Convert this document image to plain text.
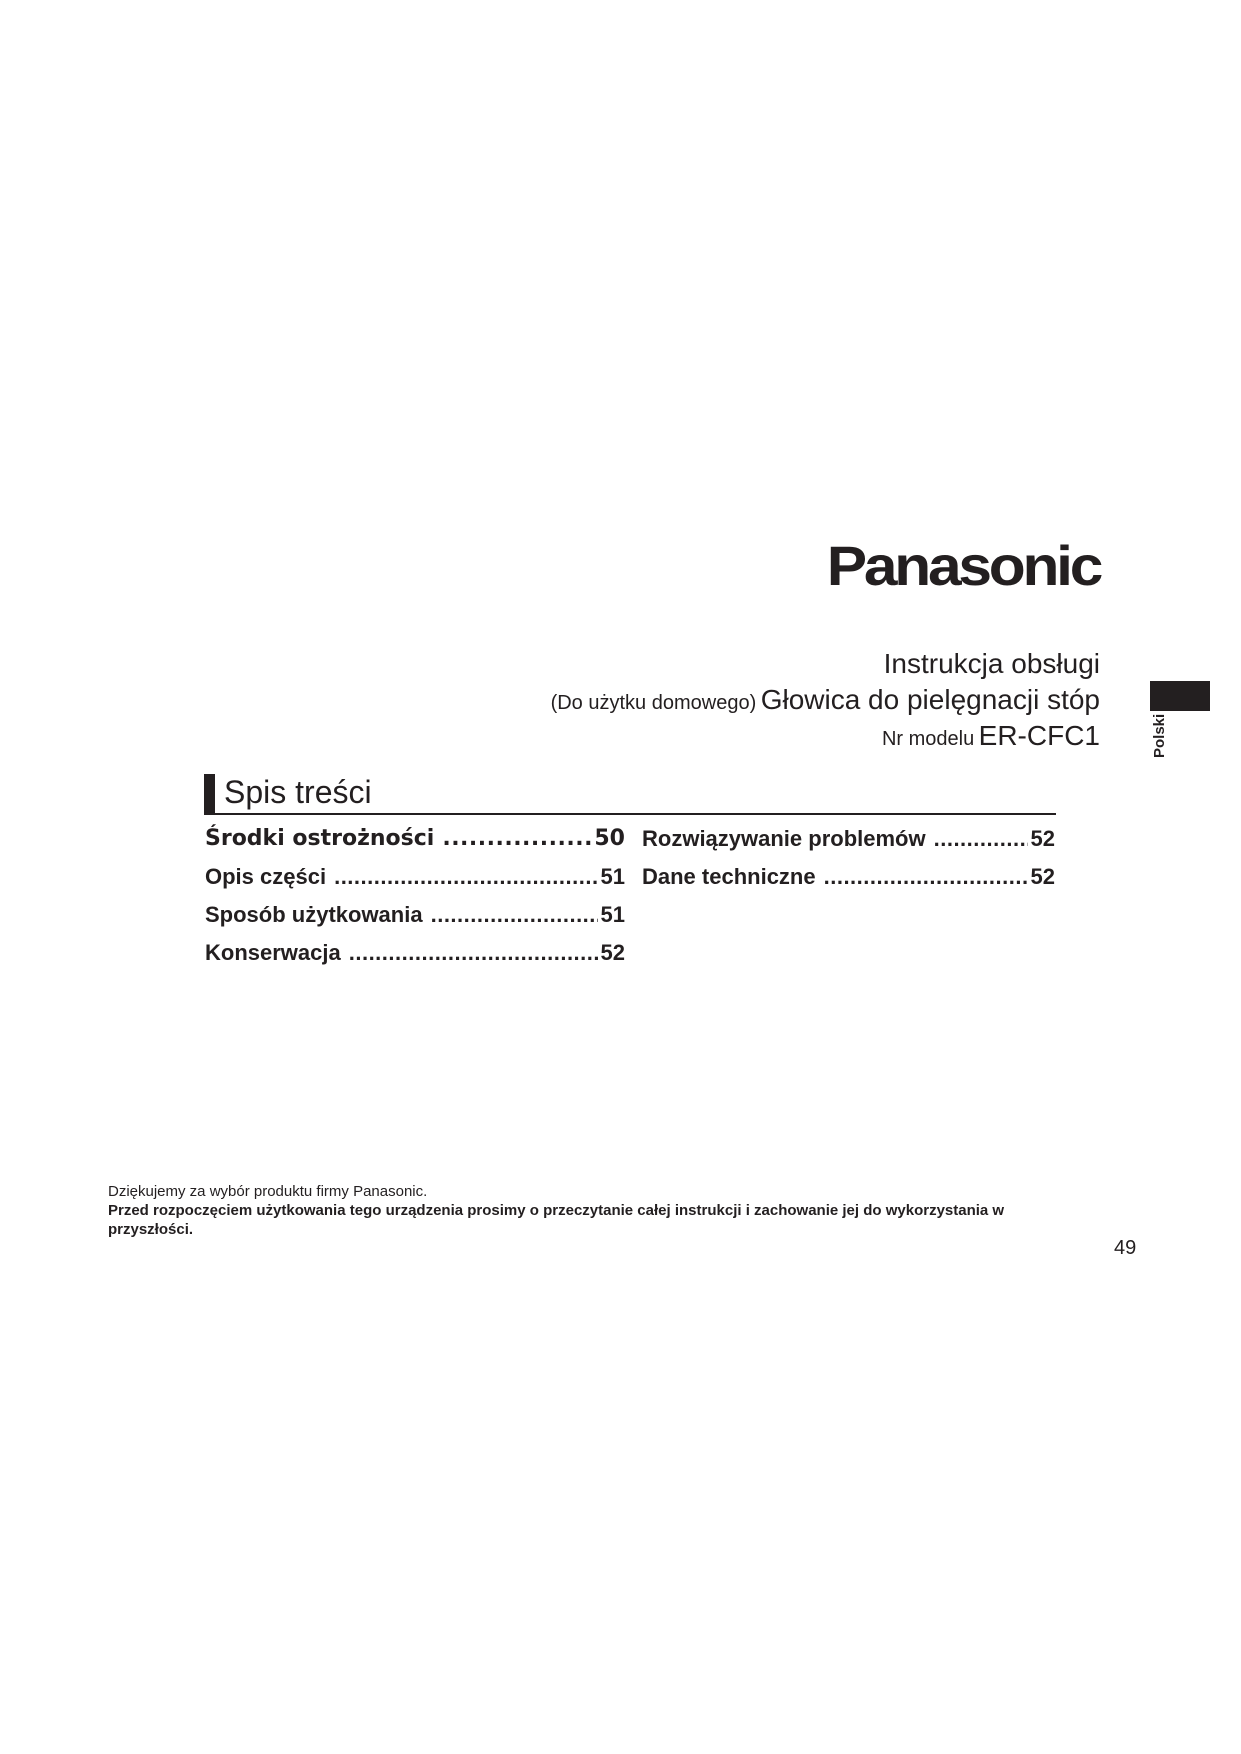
Panasonic
Instrukcja obsługi
(Do użytku domowego) Głowica do pielęgnacji stóp
Nr modelu ER-CFC1	Polski
Spis treści
Środki ostrożności .....	50
Opis części .....	51
Sposób użytkowania .....	51
Konserwacja .....	52
Rozwiązywanie problemów .....	52
Dane techniczne .....	52
Dziękujemy za wybór produktu firmy Panasonic.
Przed rozpoczęciem użytkowania tego urządzenia prosimy o przeczytanie całej instrukcji i zachowanie jej do wykorzystania w przyszłości.
49
